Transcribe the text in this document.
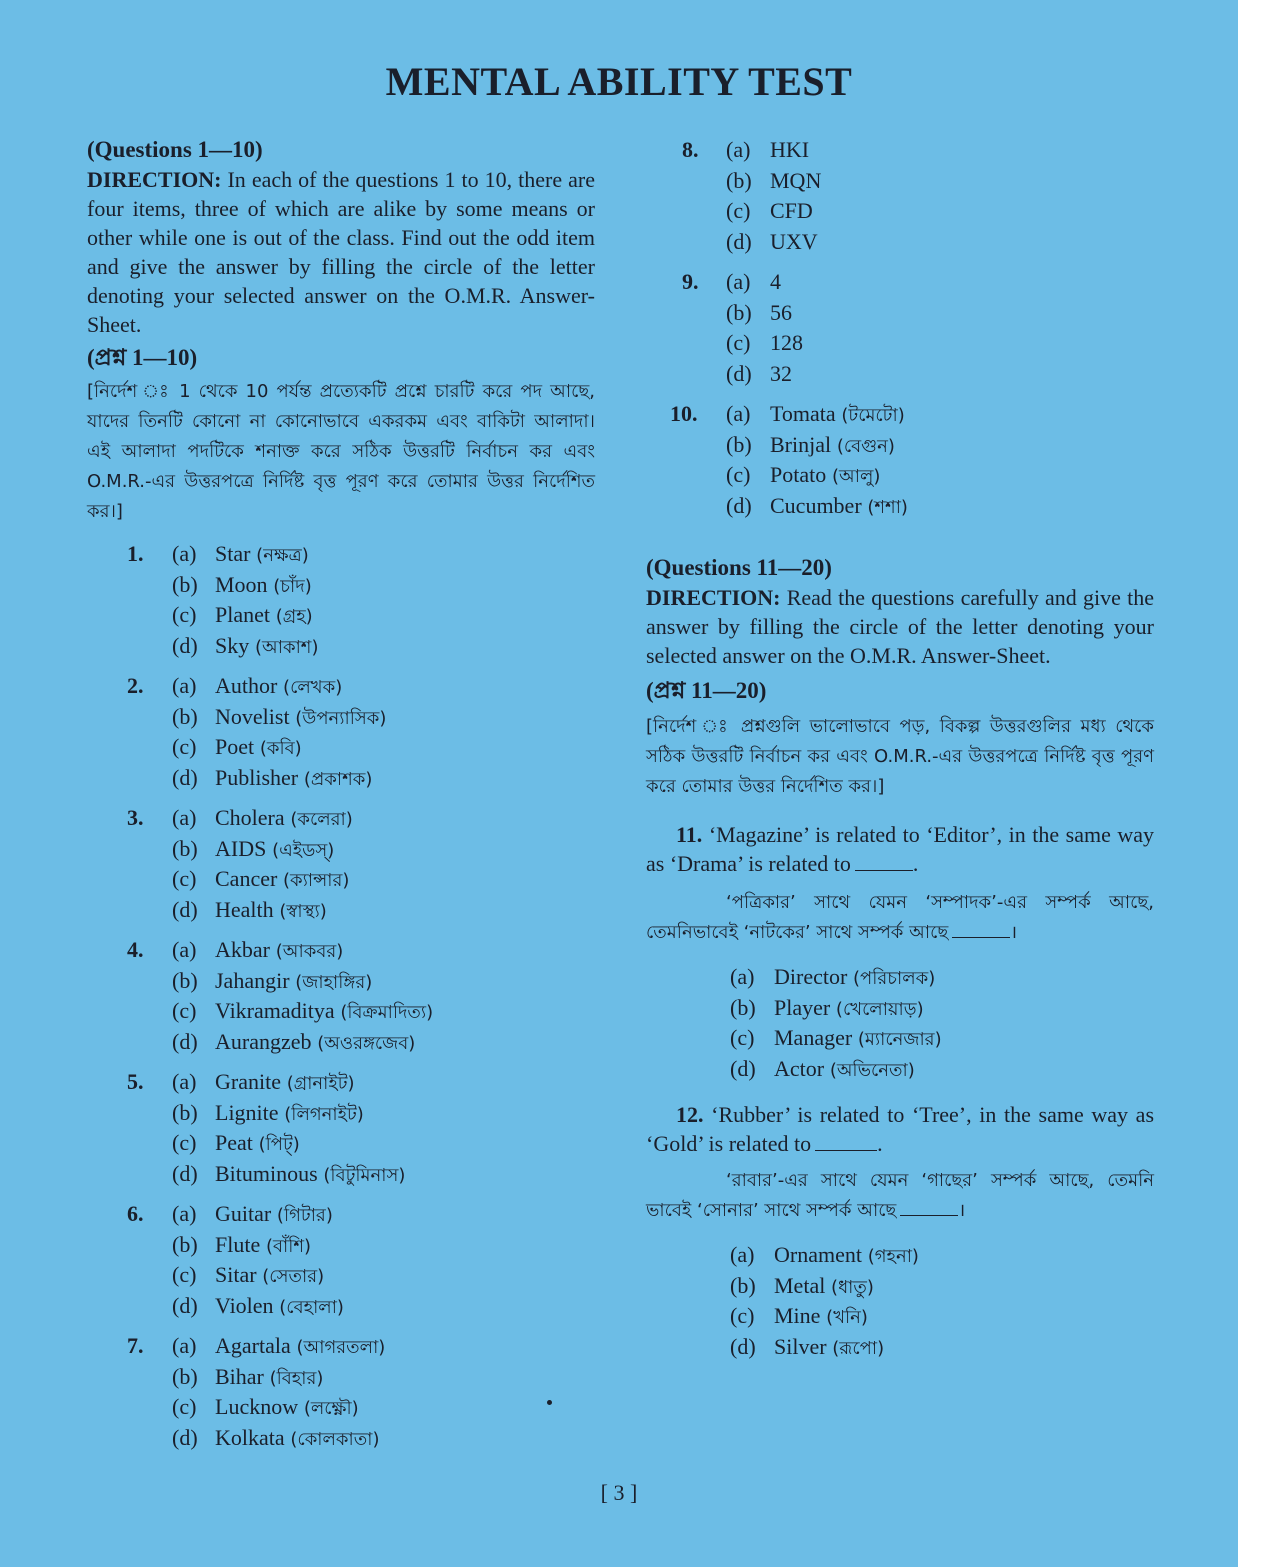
MENTAL ABILITY TEST
(Questions 1—10)
DIRECTION: In each of the questions 1 to 10, there are four items, three of which are alike by some means or other while one is out of the class. Find out the odd item and give the answer by filling the circle of the letter denoting your selected answer on the O.M.R. Answer-Sheet.
(প্রশ্ন 1—10)
[নির্দেশ ঃ 1 থেকে 10 পর্যন্ত প্রত্যেকটি প্রশ্নে চারটি করে পদ আছে, যাদের তিনটি কোনো না কোনোভাবে একরকম এবং বাকিটা আলাদা। এই আলাদা পদটিকে শনাক্ত করে সঠিক উত্তরটি নির্বাচন কর এবং O.M.R.-এর উত্তরপত্রে নির্দিষ্ট বৃত্ত পূরণ করে তোমার উত্তর নির্দেশিত কর।]
1. (a) Star (নক্ষত্র)
(b) Moon (চাঁদ)
(c) Planet (গ্রহ)
(d) Sky (আকাশ)
2. (a) Author (লেখক)
(b) Novelist (উপন্যাসিক)
(c) Poet (কবি)
(d) Publisher (প্রকাশক)
3. (a) Cholera (কলেরা)
(b) AIDS (এইডস্)
(c) Cancer (ক্যান্সার)
(d) Health (স্বাস্থ্য)
4. (a) Akbar (আকবর)
(b) Jahangir (জাহাঙ্গির)
(c) Vikramaditya (বিক্রমাদিত্য)
(d) Aurangzeb (অওরঙ্গজেব)
5. (a) Granite (গ্রানাইট)
(b) Lignite (লিগনাইট)
(c) Peat (পিট্)
(d) Bituminous (বিটুমিনাস)
6. (a) Guitar (গিটার)
(b) Flute (বাঁশি)
(c) Sitar (সেতার)
(d) Violen (বেহালা)
7. (a) Agartala (আগরতলা)
(b) Bihar (বিহার)
(c) Lucknow (লক্ষ্ণৌ)
(d) Kolkata (কোলকাতা)
8. (a) HKI
(b) MQN
(c) CFD
(d) UXV
9. (a) 4
(b) 56
(c) 128
(d) 32
10. (a) Tomata (টমেটো)
(b) Brinjal (বেগুন)
(c) Potato (আলু)
(d) Cucumber (শশা)
(Questions 11—20)
DIRECTION: Read the questions carefully and give the answer by filling the circle of the letter denoting your selected answer on the O.M.R. Answer-Sheet.
(প্রশ্ন 11—20)
[নির্দেশ ঃ প্রশ্নগুলি ভালোভাবে পড়, বিকল্প উত্তরগুলির মধ্য থেকে সঠিক উত্তরটি নির্বাচন কর এবং O.M.R.-এর উত্তরপত্রে নির্দিষ্ট বৃত্ত পূরণ করে তোমার উত্তর নির্দেশিত কর।]
11. ‘Magazine’ is related to ‘Editor’, in the same way as ‘Drama’ is related to	.
‘পত্রিকার’ সাথে যেমন ‘সম্পাদক’-এর সম্পর্ক আছে, তেমনিভাবেই ‘নাটকের’ সাথে সম্পর্ক আছে	।
(a) Director (পরিচালক)
(b) Player (খেলোয়াড়)
(c) Manager (ম্যানেজার)
(d) Actor (অভিনেতা)
12. ‘Rubber’ is related to ‘Tree’, in the same way as ‘Gold’ is related to	.
‘রাবার’-এর সাথে যেমন ‘গাছের’ সম্পর্ক আছে, তেমনি ভাবেই ‘সোনার’ সাথে সম্পর্ক আছে	।
(a) Ornament (গহনা)
(b) Metal (ধাতু)
(c) Mine (খনি)
(d) Silver (রূপো)
[ 3 ]
